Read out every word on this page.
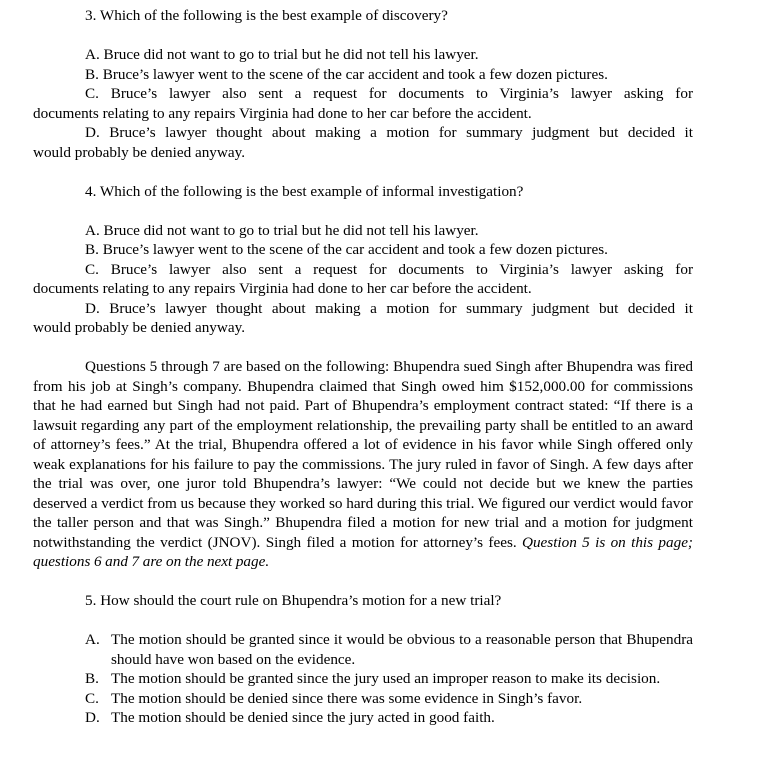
3. Which of the following is the best example of discovery?
A. Bruce did not want to go to trial but he did not tell his lawyer.
B. Bruce’s lawyer went to the scene of the car accident and took a few dozen pictures.
C. Bruce’s lawyer also sent a request for documents to Virginia’s lawyer asking for
documents relating to any repairs Virginia had done to her car before the accident.
D. Bruce’s lawyer thought about making a motion for summary judgment but decided it
would probably be denied anyway.
4. Which of the following is the best example of informal investigation?
A. Bruce did not want to go to trial but he did not tell his lawyer.
B. Bruce’s lawyer went to the scene of the car accident and took a few dozen pictures.
C. Bruce’s lawyer also sent a request for documents to Virginia’s lawyer asking for
documents relating to any repairs Virginia had done to her car before the accident.
D. Bruce’s lawyer thought about making a motion for summary judgment but decided it
would probably be denied anyway.

Questions 5 through 7 are based on the following: Bhupendra sued Singh after Bhupendra was fired from his job at Singh’s company. Bhupendra claimed that Singh owed him $152,000.00 for commissions that he had earned but Singh had not paid. Part of Bhupendra’s employment contract stated: “If there is a lawsuit regarding any part of the employment relationship, the prevailing party shall be entitled to an award of attorney’s fees.” At the trial, Bhupendra offered a lot of evidence in his favor while Singh offered only weak explanations for his failure to pay the commissions. The jury ruled in favor of Singh. A few days after the trial was over, one juror told Bhupendra’s lawyer: “We could not decide but we knew the parties deserved a verdict from us because they worked so hard during this trial. We figured our verdict would favor the taller person and that was Singh.” Bhupendra filed a motion for new trial and a motion for judgment notwithstanding the verdict (JNOV). Singh filed a motion for attorney’s fees. Question 5 is on this page; questions 6 and 7 are on the next page.

5. How should the court rule on Bhupendra’s motion for a new trial?
A. The motion should be granted since it would be obvious to a reasonable person that Bhupendra should have won based on the evidence.
B. The motion should be granted since the jury used an improper reason to make its decision.
C. The motion should be denied since there was some evidence in Singh’s favor.
D. The motion should be denied since the jury acted in good faith.
